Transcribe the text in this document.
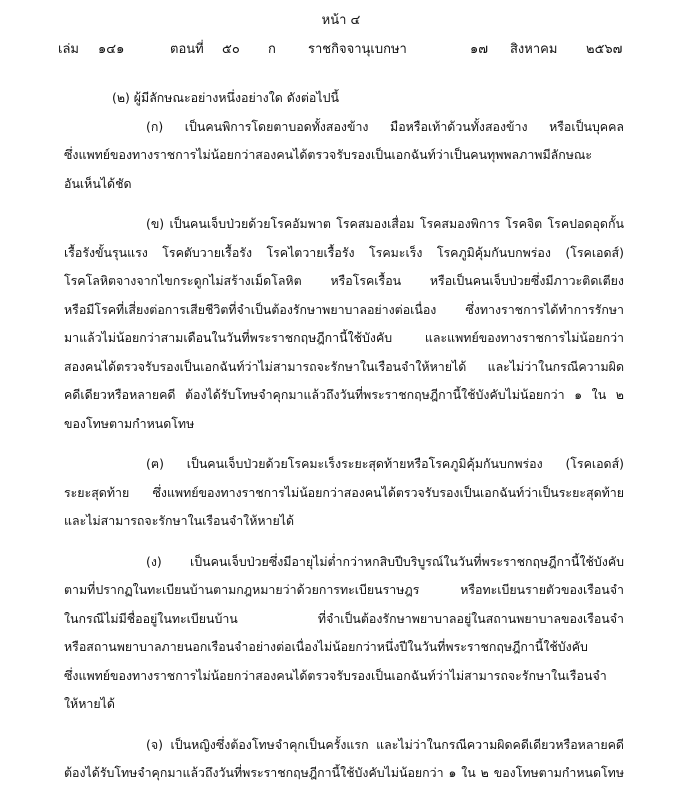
หน้า ๔
เล่ม ๑๔๑	ตอนที่ ๕๐ ก ราชกิจจานุเบกษา	๑๗ สิงหาคม ๒๕๖๗
(๒) ผู้มีลักษณะอย่างหนึ่งอย่างใด ดังต่อไปนี้
(ก) เป็นคนพิการโดยตาบอดทั้งสองข้าง มือหรือเท้าด้วนทั้งสองข้าง หรือเป็นบุคคล
ซึ่งแพทย์ของทางราชการไม่น้อยกว่าสองคนได้ตรวจรับรองเป็นเอกฉันท์ว่าเป็นคนทุพพลภาพมีลักษณะ
อันเห็นได้ชัด
(ข) เป็นคนเจ็บป่วยด้วยโรคอัมพาต โรคสมองเสื่อม โรคสมองพิการ โรคจิต โรคปอดอุดกั้น
เรื้อรังขั้นรุนแรง โรคตับวายเรื้อรัง โรคไตวายเรื้อรัง โรคมะเร็ง โรคภูมิคุ้มกันบกพร่อง (โรคเอดส์)
โรคโลหิตจางจากไขกระดูกไม่สร้างเม็ดโลหิต หรือโรคเรื้อน หรือเป็นคนเจ็บป่วยซึ่งมีภาวะติดเตียง
หรือมีโรคที่เสี่ยงต่อการเสียชีวิตที่จำเป็นต้องรักษาพยาบาลอย่างต่อเนื่อง ซึ่งทางราชการได้ทำการรักษา
มาแล้วไม่น้อยกว่าสามเดือนในวันที่พระราชกฤษฎีกานี้ใช้บังคับ	และแพทย์ของทางราชการไม่น้อยกว่า
สองคนได้ตรวจรับรองเป็นเอกฉันท์ว่าไม่สามารถจะรักษาในเรือนจำให้หายได้ และไม่ว่าในกรณีความผิด
คดีเดียวหรือหลายคดี ต้องได้รับโทษจำคุกมาแล้วถึงวันที่พระราชกฤษฎีกานี้ใช้บังคับไม่น้อยกว่า ๑ ใน ๒
ของโทษตามกำหนดโทษ
(ฅ) เป็นคนเจ็บป่วยด้วยโรคมะเร็งระยะสุดท้ายหรือโรคภูมิคุ้มกันบกพร่อง (โรคเอดส์)
ระยะสุดท้าย ซึ่งแพทย์ของทางราชการไม่น้อยกว่าสองคนได้ตรวจรับรองเป็นเอกฉันท์ว่าเป็นระยะสุดท้าย
และไม่สามารถจะรักษาในเรือนจำให้หายได้
(ง) เป็นคนเจ็บป่วยซึ่งมีอายุไม่ต่ำกว่าหกสิบปีบริบูรณ์ในวันที่พระราชกฤษฎีกานี้ใช้บังคับ
ตามที่ปรากฏในทะเบียนบ้านตามกฎหมายว่าด้วยการทะเบียนราษฎร	หรือทะเบียนรายตัวของเรือนจำ
ในกรณีไม่มีชื่ออยู่ในทะเบียนบ้าน	ที่จำเป็นต้องรักษาพยาบาลอยู่ในสถานพยาบาลของเรือนจำ
หรือสถานพยาบาลภายนอกเรือนจำอย่างต่อเนื่องไม่น้อยกว่าหนึ่งปีในวันที่พระราชกฤษฎีกานี้ใช้บังคับ
ซึ่งแพทย์ของทางราชการไม่น้อยกว่าสองคนได้ตรวจรับรองเป็นเอกฉันท์ว่าไม่สามารถจะรักษาในเรือนจำ
ให้หายได้
(จ) เป็นหญิงซึ่งต้องโทษจำคุกเป็นครั้งแรก และไม่ว่าในกรณีความผิดคดีเดียวหรือหลายคดี
ต้องได้รับโทษจำคุกมาแล้วถึงวันที่พระราชกฤษฎีกานี้ใช้บังคับไม่น้อยกว่า ๑ ใน ๒ ของโทษตามกำหนดโทษ
